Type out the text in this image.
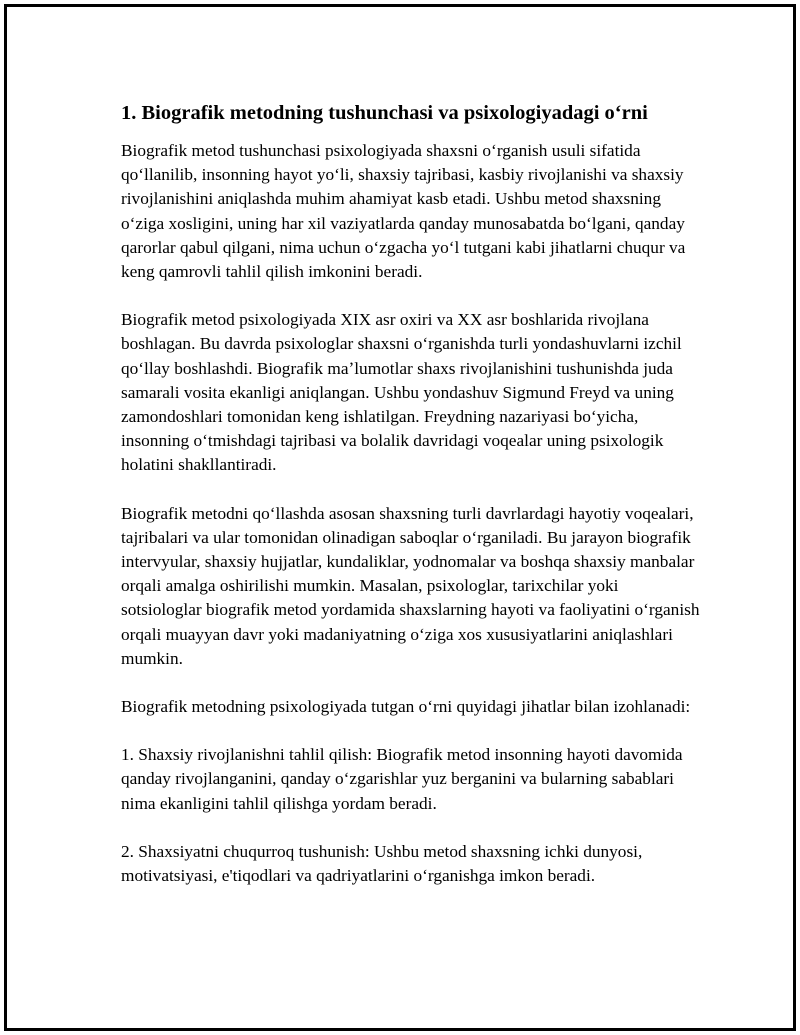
1. Biografik metodning tushunchasi va psixologiyadagi oʻrni

Biografik metod tushunchasi psixologiyada shaxsni oʻrganish usuli sifatida qoʻllanilib, insonning hayot yoʻli, shaxsiy tajribasi, kasbiy rivojlanishi va shaxsiy rivojlanishini aniqlashda muhim ahamiyat kasb etadi. Ushbu metod shaxsning oʻziga xosligini, uning har xil vaziyatlarda qanday munosabatda boʻlgani, qanday qarorlar qabul qilgani, nima uchun oʻzgacha yoʻl tutgani kabi jihatlarni chuqur va keng qamrovli tahlil qilish imkonini beradi.

Biografik metod psixologiyada XIX asr oxiri va XX asr boshlarida rivojlana boshlagan. Bu davrda psixologlar shaxsni oʻrganishda turli yondashuvlarni izchil qoʻllay boshlashdi. Biografik maʼlumotlar shaxs rivojlanishini tushunishda juda samarali vosita ekanligi aniqlangan. Ushbu yondashuv Sigmund Freyd va uning zamondoshlari tomonidan keng ishlatilgan. Freydning nazariyasi boʻyicha, insonning oʻtmishdagi tajribasi va bolalik davridagi voqealar uning psixologik holatini shakllantiradi.

Biografik metodni qoʻllashda asosan shaxsning turli davrlardagi hayotiy voqealari, tajribalari va ular tomonidan olinadigan saboqlar oʻrganiladi. Bu jarayon biografik intervyular, shaxsiy hujjatlar, kundaliklar, yodnomalar va boshqa shaxsiy manbalar orqali amalga oshirilishi mumkin. Masalan, psixologlar, tarixchilar yoki sotsiologlar biografik metod yordamida shaxslarning hayoti va faoliyatini oʻrganish orqali muayyan davr yoki madaniyatning oʻziga xos xususiyatlarini aniqlashlari mumkin.

Biografik metodning psixologiyada tutgan oʻrni quyidagi jihatlar bilan izohlanadi:

1. Shaxsiy rivojlanishni tahlil qilish: Biografik metod insonning hayoti davomida qanday rivojlanganini, qanday oʻzgarishlar yuz berganini va bularning sabablari nima ekanligini tahlil qilishga yordam beradi.

2. Shaxsiyatni chuqurroq tushunish: Ushbu metod shaxsning ichki dunyosi, motivatsiyasi, e'tiqodlari va qadriyatlarini oʻrganishga imkon beradi.
